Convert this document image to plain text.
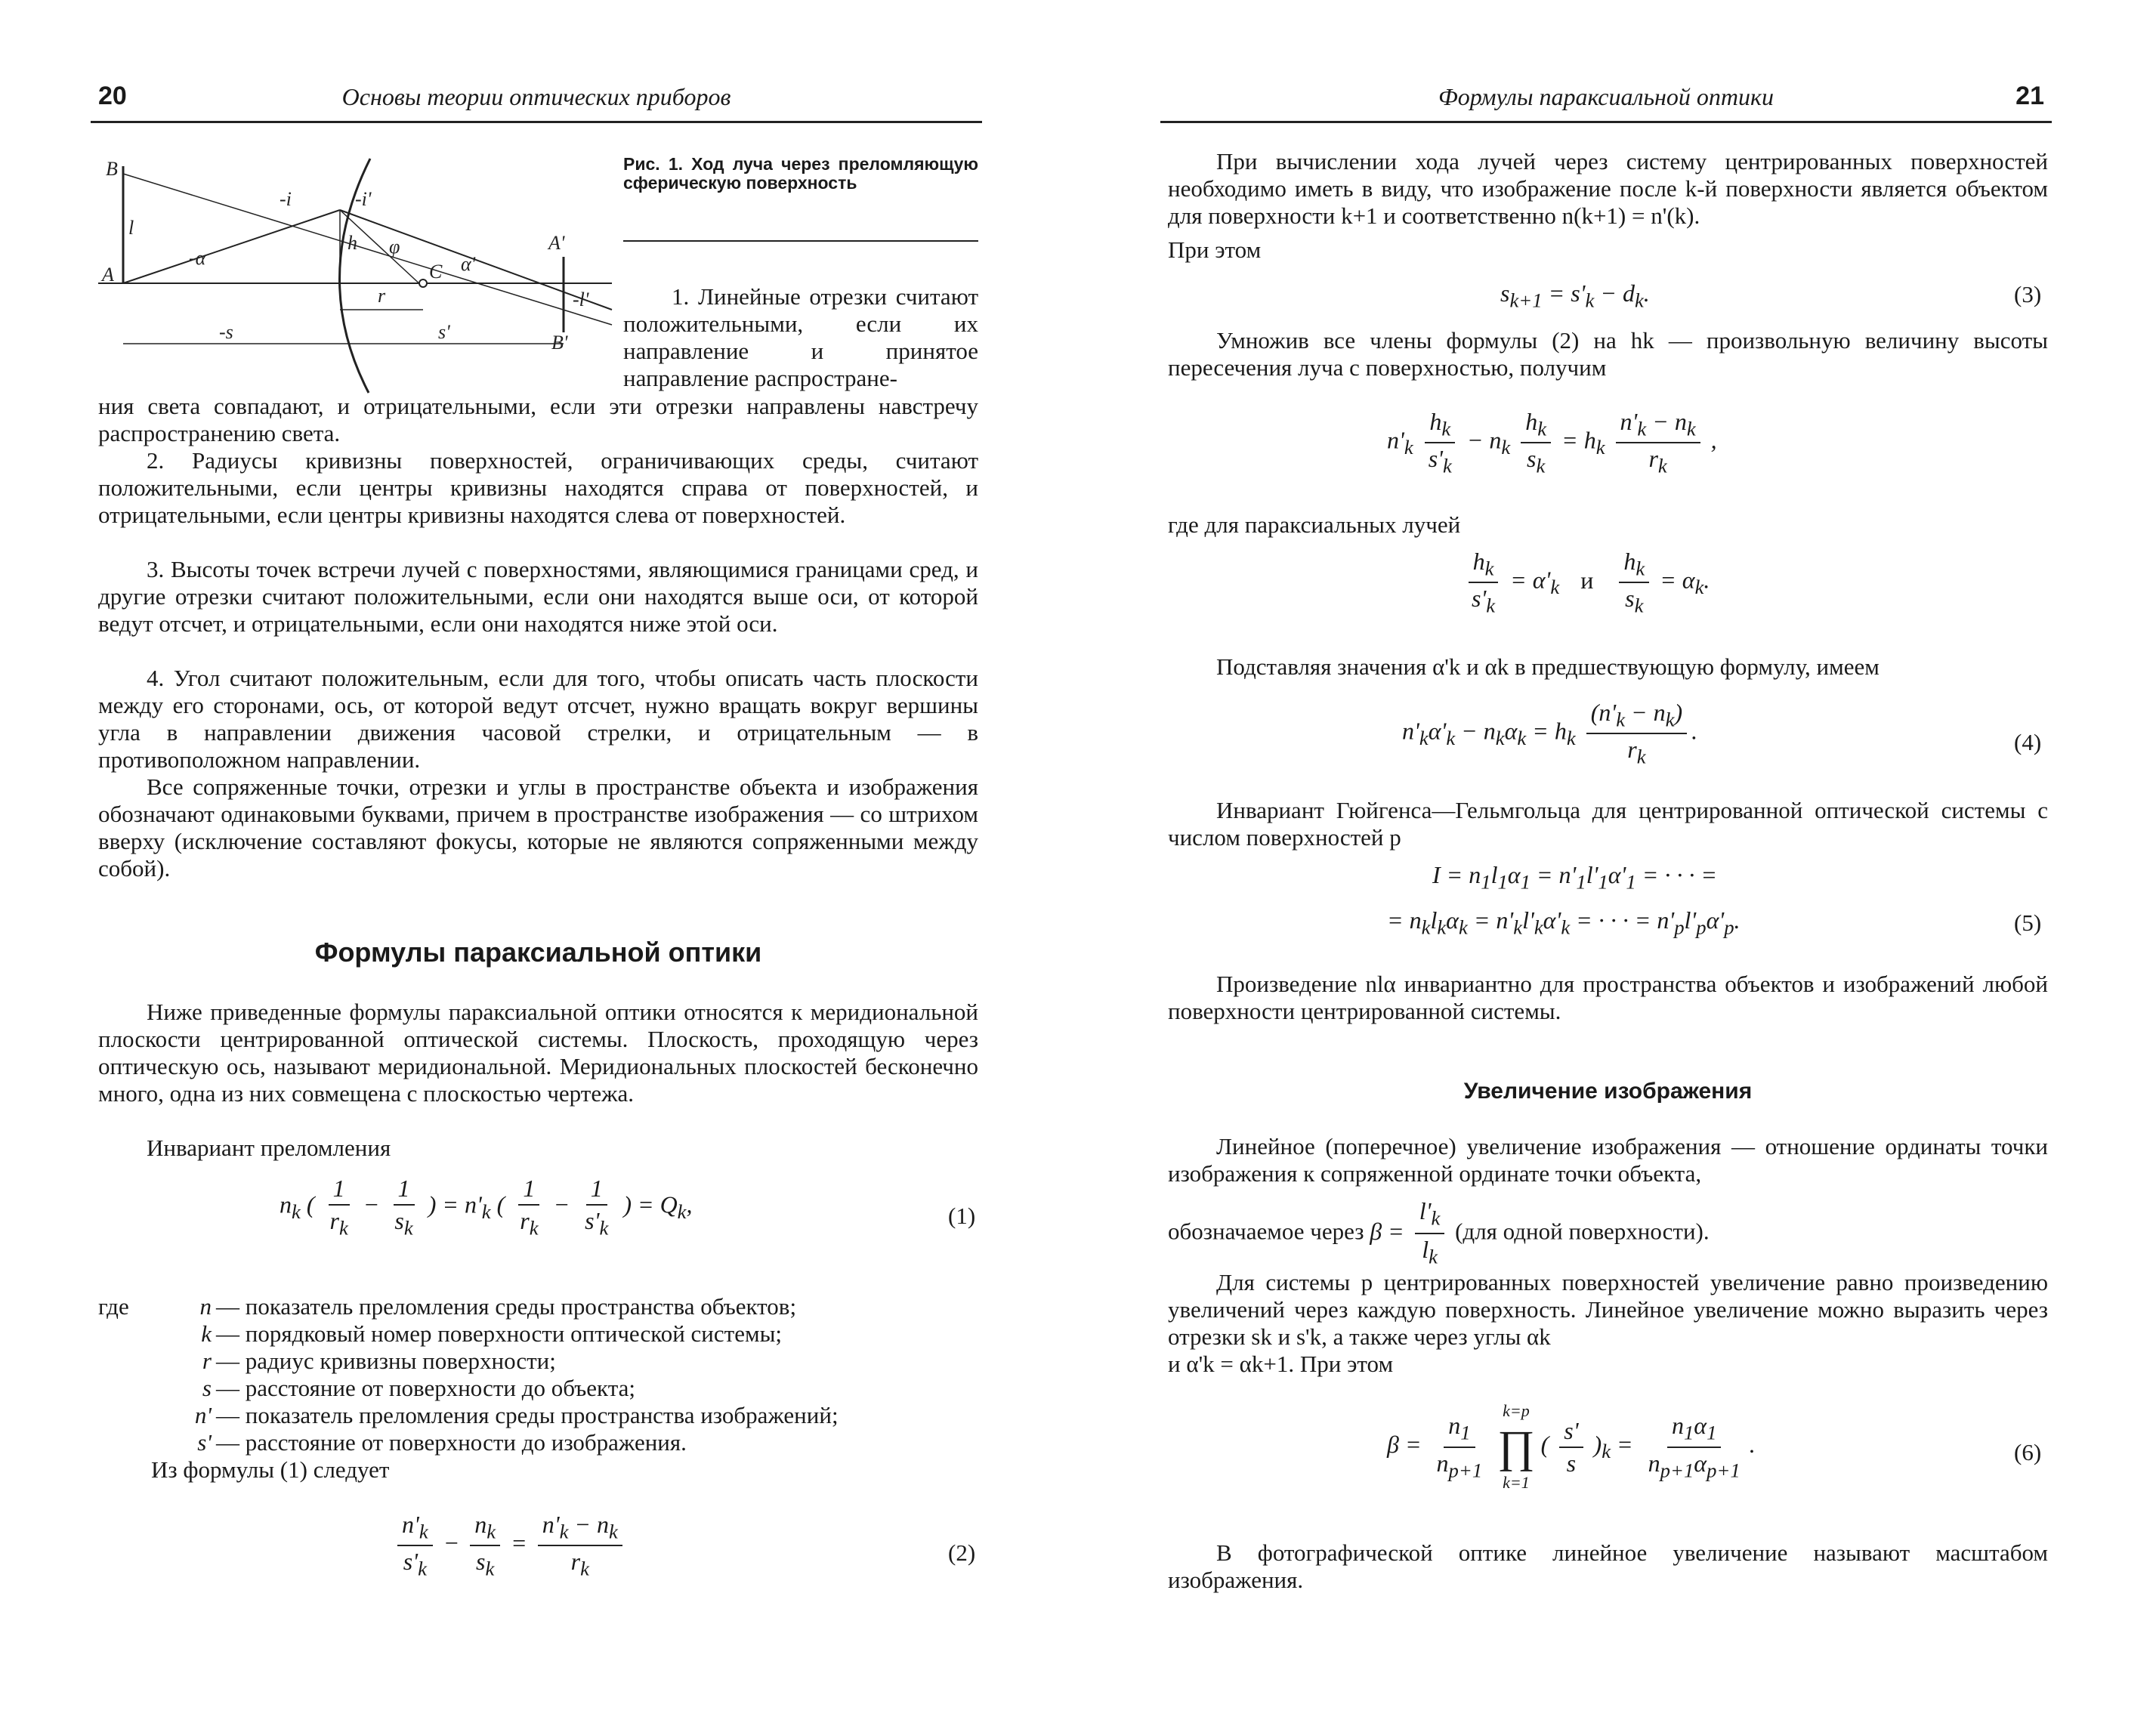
20	Основы теории оптических приборов
B
A
l
-i	-i'
h φ
C α'
A'
-l'
B'
-α
r
-s	s'
Рис. 1. Ход луча через преломляющую сферическую поверхность

1. Линейные отрезки считают положительными, если их направление и принятое направление распростране-

ния света совпадают, и отрицательными, если эти отрезки направлены навстречу распространению света.

2. Радиусы кривизны поверхностей, ограничивающих среды, считают положительными, если центры кривизны находятся справа от поверхностей, и отрицательными, если центры кривизны находятся слева от поверхностей.

3. Высоты точек встречи лучей с поверхностями, являющимися границами сред, и другие отрезки считают положительными, если они находятся выше оси, от которой ведут отсчет, и отрицательными, если они находятся ниже этой оси.

4. Угол считают положительным, если для того, чтобы описать часть плоскости между его сторонами, ось, от которой ведут отсчет, нужно вращать вокруг вершины угла в направлении движения часовой стрелки, и отрицательным — в противоположном направлении.

Все сопряженные точки, отрезки и углы в пространстве объекта и изображения обозначают одинаковыми буквами, причем в пространстве изображения — со штрихом вверху (исключение составляют фокусы, которые не являются сопряженными между собой).

Формулы параксиальной оптики

Ниже приведенные формулы параксиальной оптики относятся к меридиональной плоскости центрированной оптической системы. Плоскость, проходящую через оптическую ось, называют меридиональной. Меридиональных плоскостей бесконечно много, одна из них совмещена с плоскостью чертежа.

Инвариант преломления

$n_k$ ( $\frac{1}{r_k} - \frac{1}{s_k}$ ) = $n'_k$ ( $\frac{1}{r_k} - \frac{1}{s'_k}$ ) = $Q_k$,	(1)
где	n — показатель преломления среды пространства объектов;
k — порядковый номер поверхности оптической системы;
r — радиус кривизны поверхности;
s — расстояние от поверхности до объекта;
n' — показатель преломления среды пространства изображений;
s' — расстояние от поверхности до изображения.
Из формулы (1) следует
$\frac{n'_k}{s'_k} - \frac{n_k}{s_k} = \frac{n'_k - n_k}{r_k}$	(2)
Формулы параксиальной оптики	21

При вычислении хода лучей через систему центрированных поверхностей необходимо иметь в виду, что изображение после k-й поверхности является объектом для поверхности k+1 и соответственно n(k+1) = n'(k).

При этом

$s_{k+1} = s'_k - d_k$.	(3)

Умножив все члены формулы (2) на hk — произвольную величину высоты пересечения луча с поверхностью, получим

$n'_k \frac{h_k}{s'_k} - n_k \frac{h_k}{s_k} = h_k \frac{n'_k - n_k}{r_k}$ ,

где для параксиальных лучей

$\frac{h_k}{s'_k} = \alpha'_k$ и $\frac{h_k}{s_k} = \alpha_k$.

Подставляя значения α'k и αk в предшествующую формулу, имеем

$n'_k\alpha'_k - n_k\alpha_k = h_k \frac{(n'_k - n_k)}{r_k}$ .	(4)

Инвариант Гюйгенса—Гельмгольца для центрированной оптической системы с числом поверхностей p

$I = n_1l_1\alpha_1 = n'_1l'_1\alpha'_1$ = · · · =
= $n_kl_k\alpha_k = n'_kl'_k\alpha'_k$ = · · · = $n'_pl'_p\alpha'_p$.	(5)

Произведение nlα инвариантно для пространства объектов и изображений любой поверхности центрированной системы.

Увеличение изображения

Линейное (поперечное) увеличение изображения — отношение ординаты точки изображения к сопряженной ординате точки объекта,

обозначаемое через $\beta = \frac{l'_k}{l_k} (для$ одной поверхности).

Для системы p центрированных поверхностей увеличение равно произведению увеличений через каждую поверхность. Линейное увеличение можно выразить через отрезки sk и s'k, а также через углы αk

и α'k = αk+1. При этом

$\beta = \frac{n_1}{n_{p+1}}$

k=p
∏
k=1
( $\frac{s'}{s} )_k = \frac{n_1\alpha_1}{n_{p+1}\alpha_{p+1}}$ .	(6)

В фотографической оптике линейное увеличение называют масштабом изображения.
